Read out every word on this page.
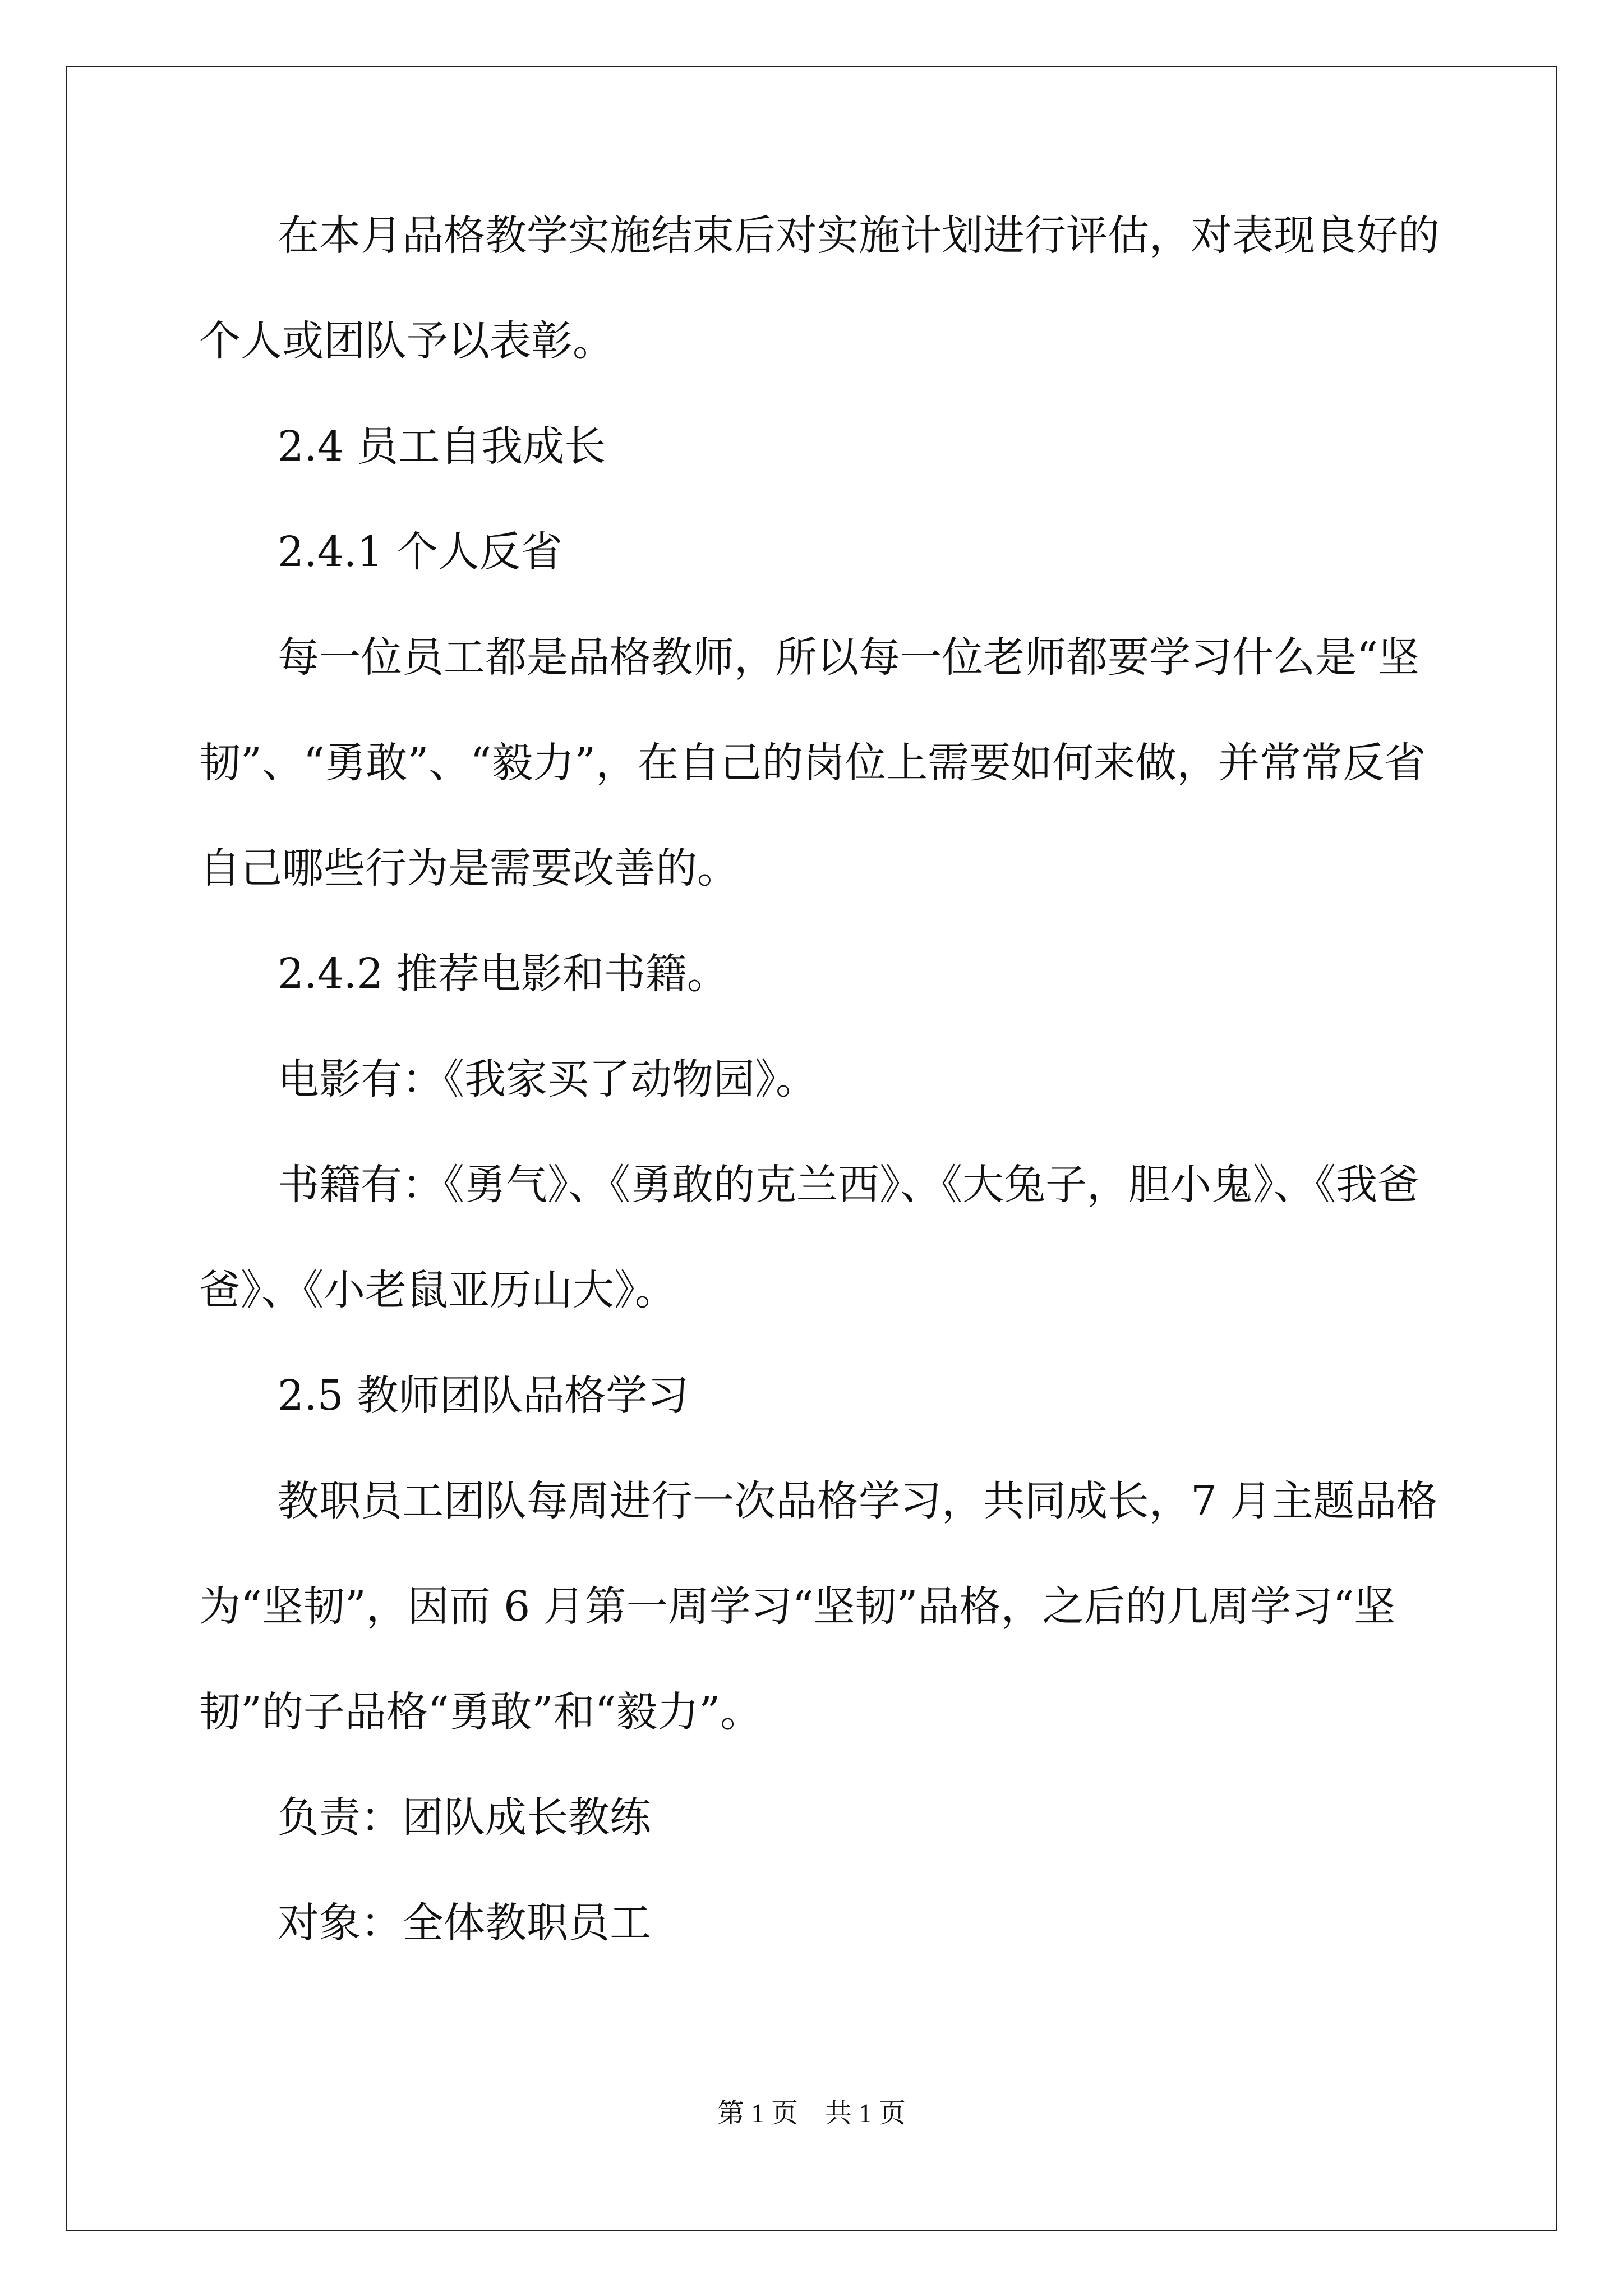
在本月品格教学实施结束后对实施计划进行评估，对表现良好的
个人或团队予以表彰。
2.4 员工自我成长
2.4.1 个人反省
每一位员工都是品格教师，所以每一位老师都要学习什么是“坚
韧”、“勇敢”、“毅力”，在自己的岗位上需要如何来做，并常常反省
自己哪些行为是需要改善的。
2.4.2 推荐电影和书籍。
电影有：《我家买了动物园》。
书籍有：《勇气》、《勇敢的克兰西》、《大兔子，胆小鬼》、《我爸
爸》、《小老鼠亚历山大》。
2.5 教师团队品格学习
教职员工团队每周进行一次品格学习，共同成长，7 月主题品格
为“坚韧”，因而 6 月第一周学习“坚韧”品格，之后的几周学习“坚
韧”的子品格“勇敢”和“毅力”。
负责：团队成长教练
对象：全体教职员工
第 1 页　共 1 页
